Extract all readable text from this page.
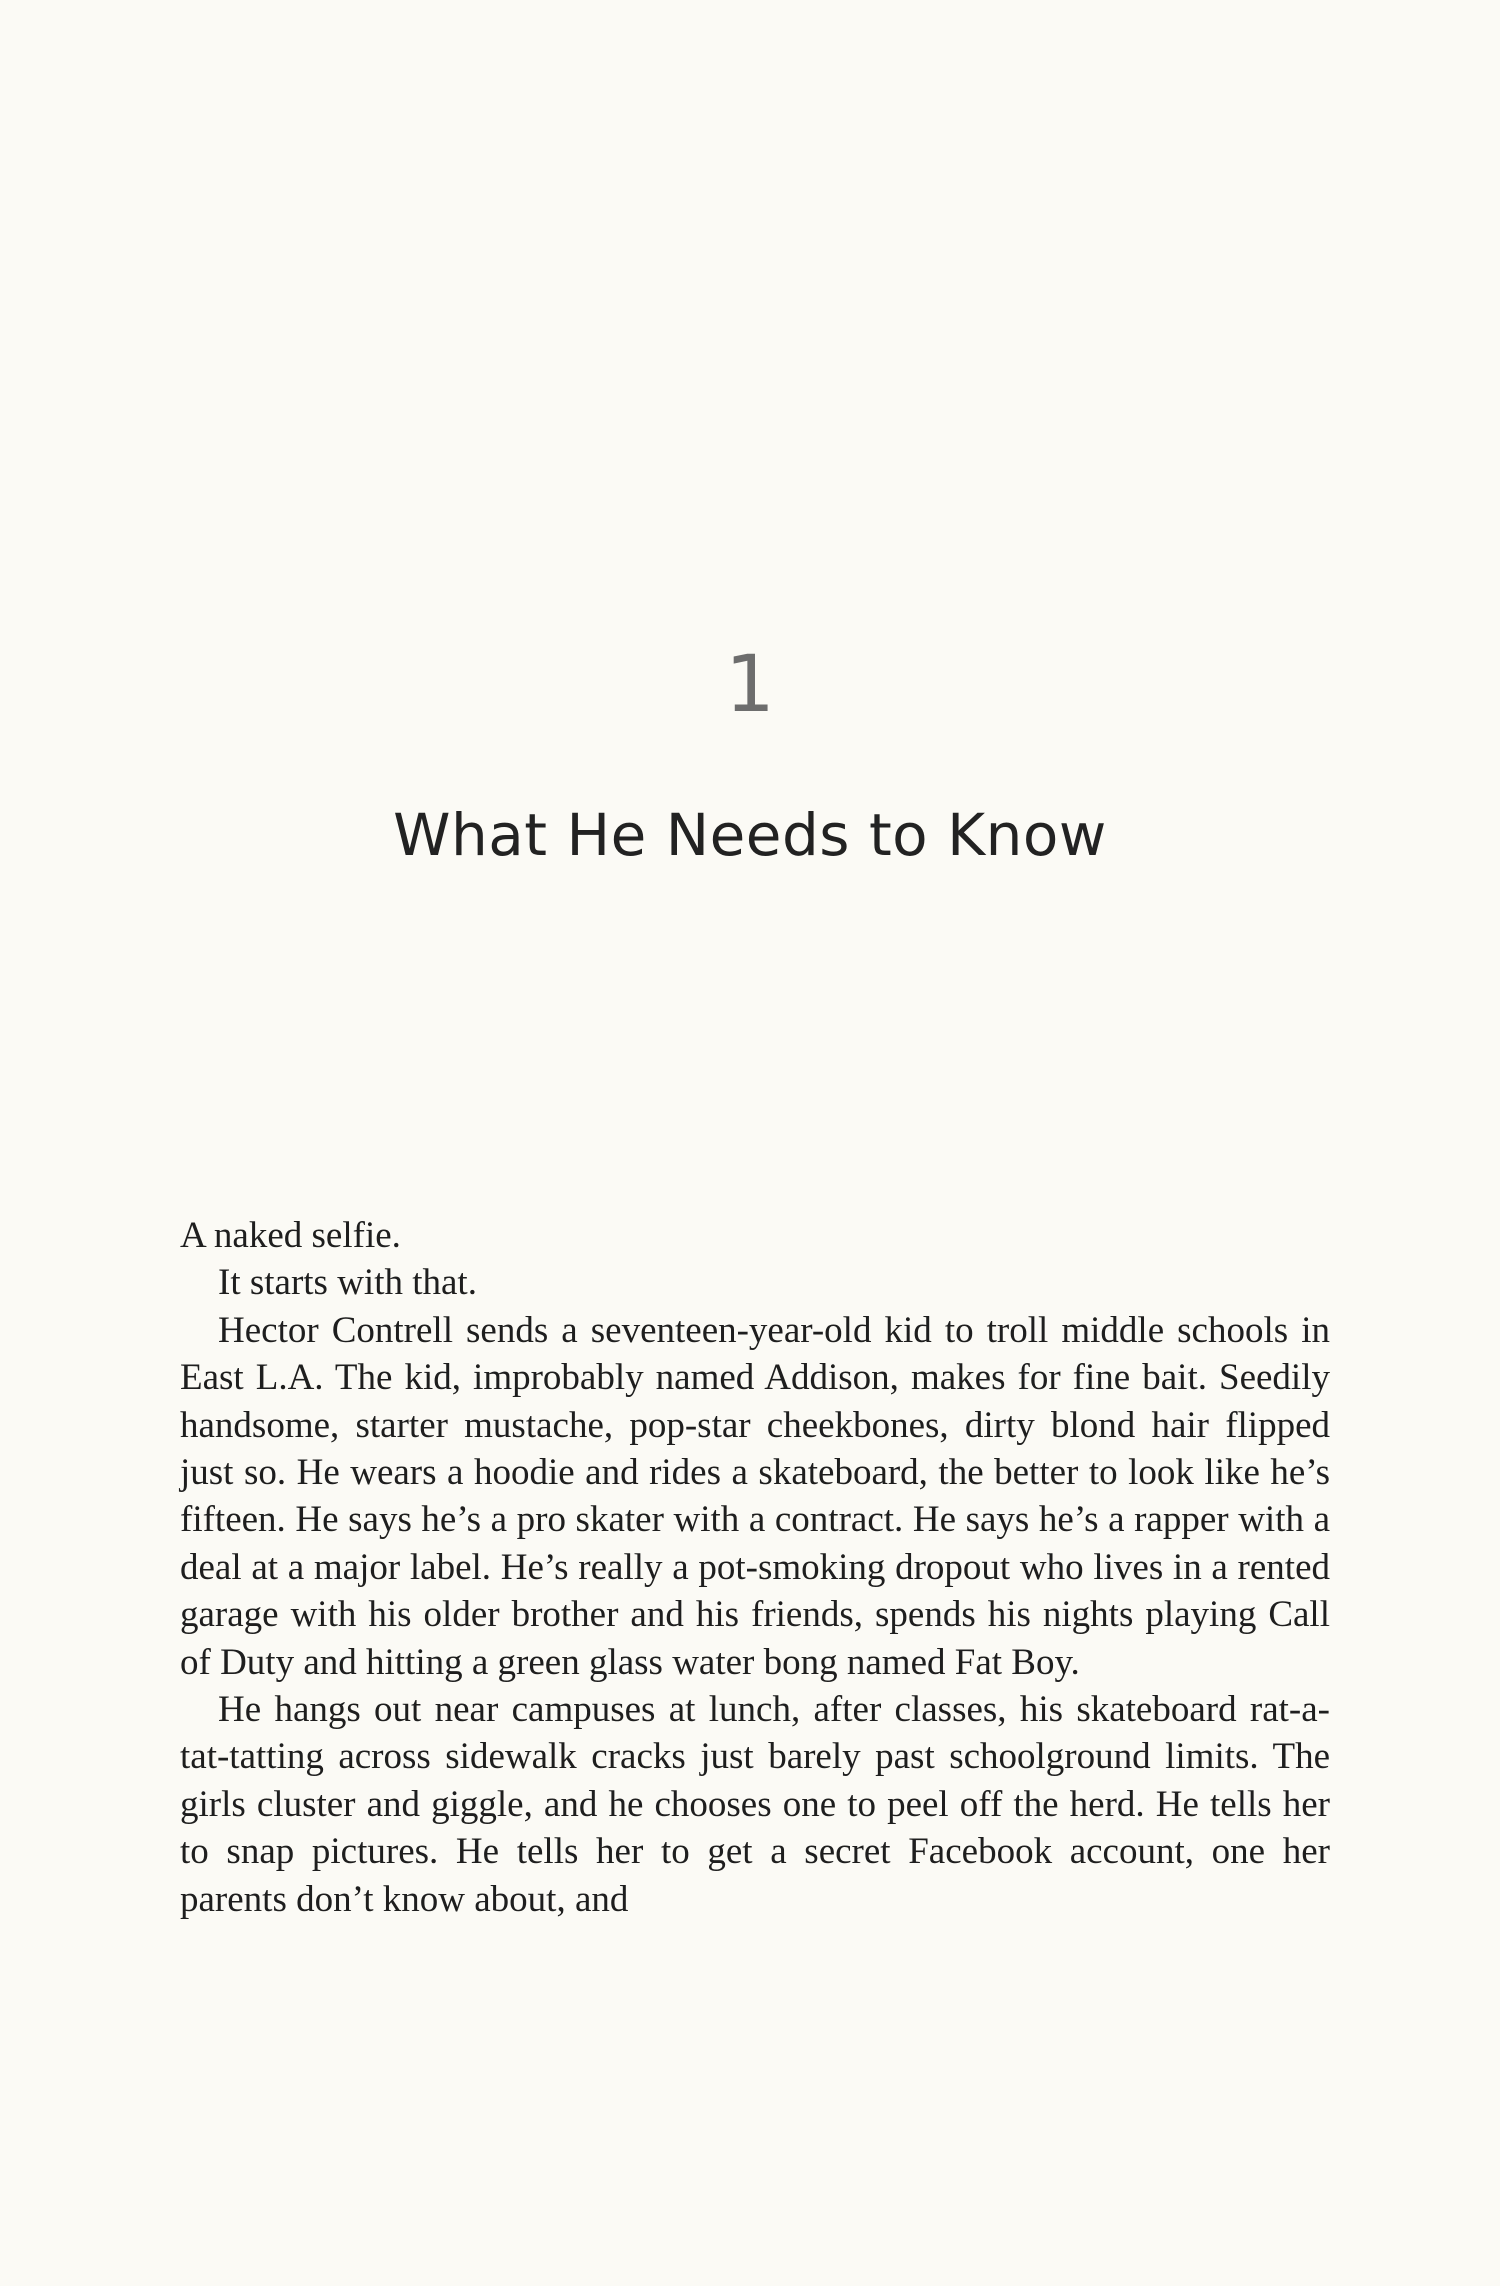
1
What He Needs to Know

A naked selfie.

It starts with that.

Hector Contrell sends a seventeen-year-old kid to troll middle schools in East L.A. The kid, improbably named Addison, makes for fine bait. Seedily handsome, starter mustache, pop-star cheekbones, dirty blond hair flipped just so. He wears a hoodie and rides a skateboard, the better to look like he’s fifteen. He says he’s a pro skater with a contract. He says he’s a rapper with a deal at a major label. He’s really a pot-smoking dropout who lives in a rented garage with his older brother and his friends, spends his nights playing Call of Duty and hitting a green glass water bong named Fat Boy.

He hangs out near campuses at lunch, after classes, his skateboard rat-a-tat-tatting across sidewalk cracks just barely past schoolground limits. The girls cluster and giggle, and he chooses one to peel off the herd. He tells her to snap pictures. He tells her to get a secret Facebook account, one her parents don’t know about, and
